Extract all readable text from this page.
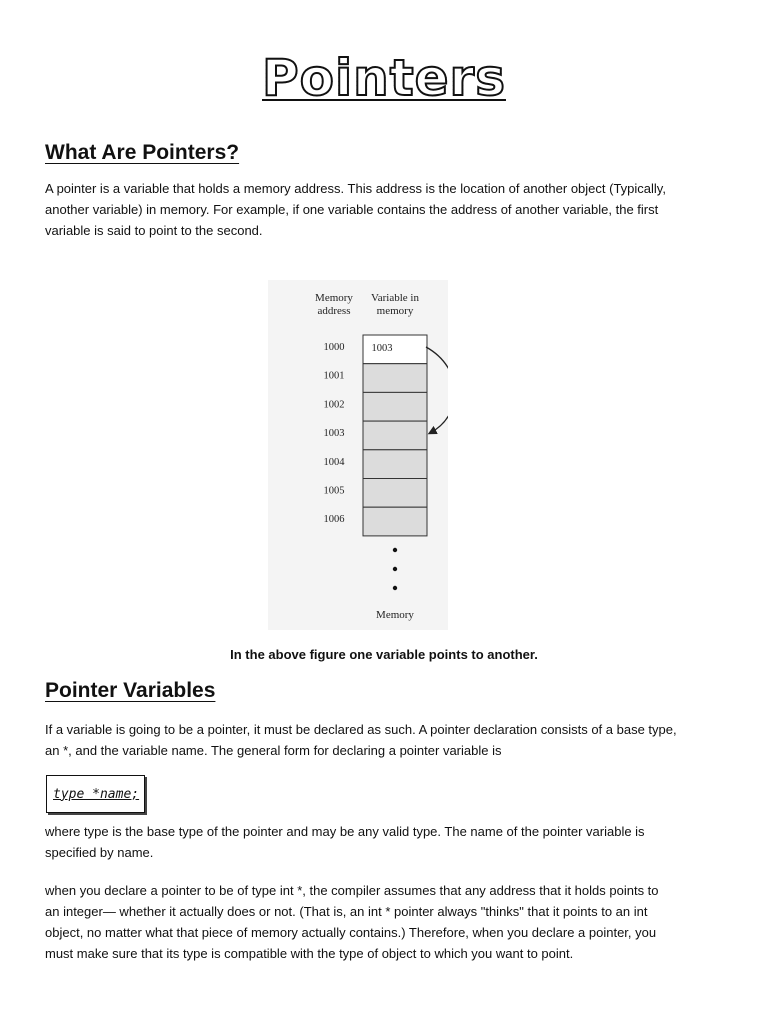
Pointers
What Are Pointers?

A pointer is a variable that holds a memory address. This address is the location of another object (Typically,
another variable) in memory. For example, if one variable contains the address of another variable, the first
variable is said to point to the second.

Memory
address
Variable in
memory
1000
1001
1002
1003
1004
1005
1006
1003
Memory
In the above figure one variable points to another.
Pointer Variables

If a variable is going to be a pointer, it must be declared as such. A pointer declaration consists of a base type,
an *, and the variable name. The general form for declaring a pointer variable is

type *name;

where type is the base type of the pointer and may be any valid type. The name of the pointer variable is
specified by name.

when you declare a pointer to be of type int *, the compiler assumes that any address that it holds points to
an integer— whether it actually does or not. (That is, an int * pointer always "thinks" that it points to an int
object, no matter what that piece of memory actually contains.) Therefore, when you declare a pointer, you
must make sure that its type is compatible with the type of object to which you want to point.
